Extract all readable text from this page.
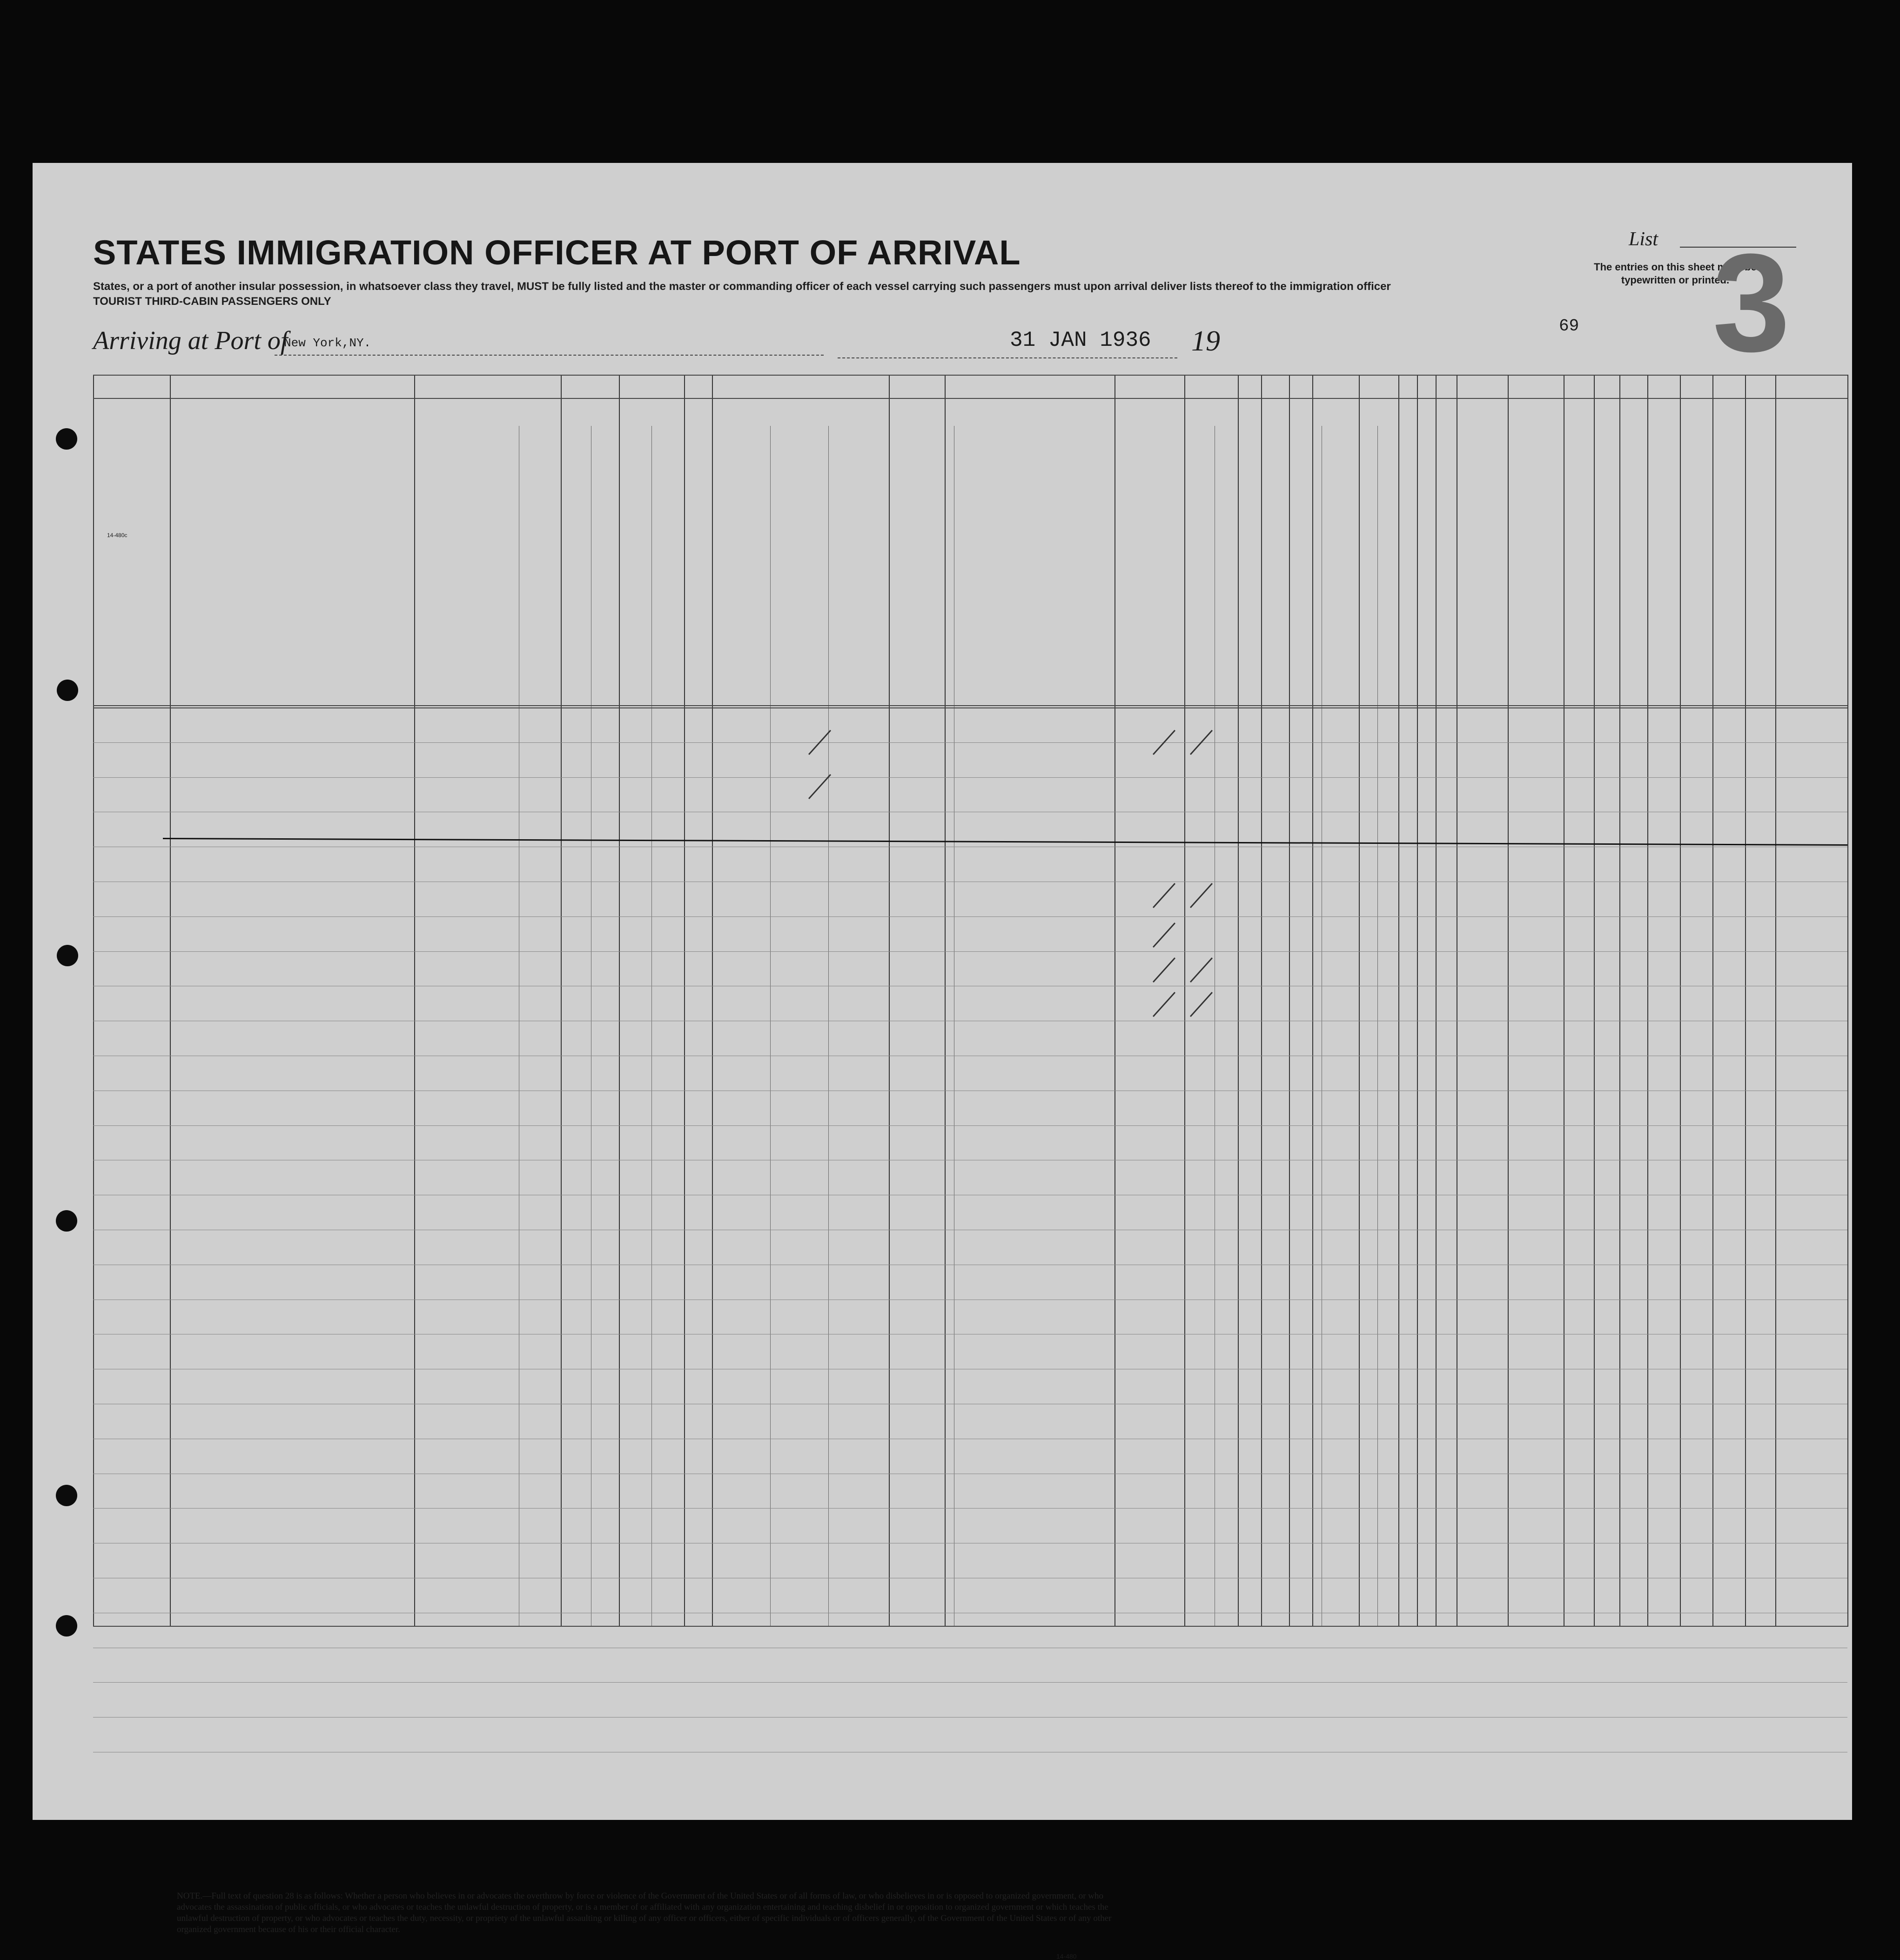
STATES IMMIGRATION OFFICER AT PORT OF ARRIVAL
States, or a port of another insular possession, in whatsoever class they travel, MUST be fully listed and the master or commanding officer of each vessel carrying such passengers must upon arrival deliver lists thereof to the immigration officer
TOURIST THIRD-CABIN PASSENGERS ONLY
List
The entries on this sheet must be typewritten or printed.
3
69
Arriving at Port of
New York,NY.	31 JAN 1936 19
14-480c
NOTE.—Full text of question 28 is as follows: Whether a person who believes in or advocates the overthrow by force or violence of the Government of the United States or of all forms of law, or who disbelieves in or is opposed to organized government, or who advocates the assassination of public officials, or who advocates or teaches the unlawful destruction of property, or is a member of or affiliated with any organization entertaining and teaching disbelief in or opposition to organized government or which teaches the unlawful destruction of property, or who advocates or teaches the duty, necessity, or propriety of the unlawful assaulting or killing of any officer or officers, either of specific individuals or of officers generally, of the Government of the United States or of any other organized government because of his or their official character.
14-480
